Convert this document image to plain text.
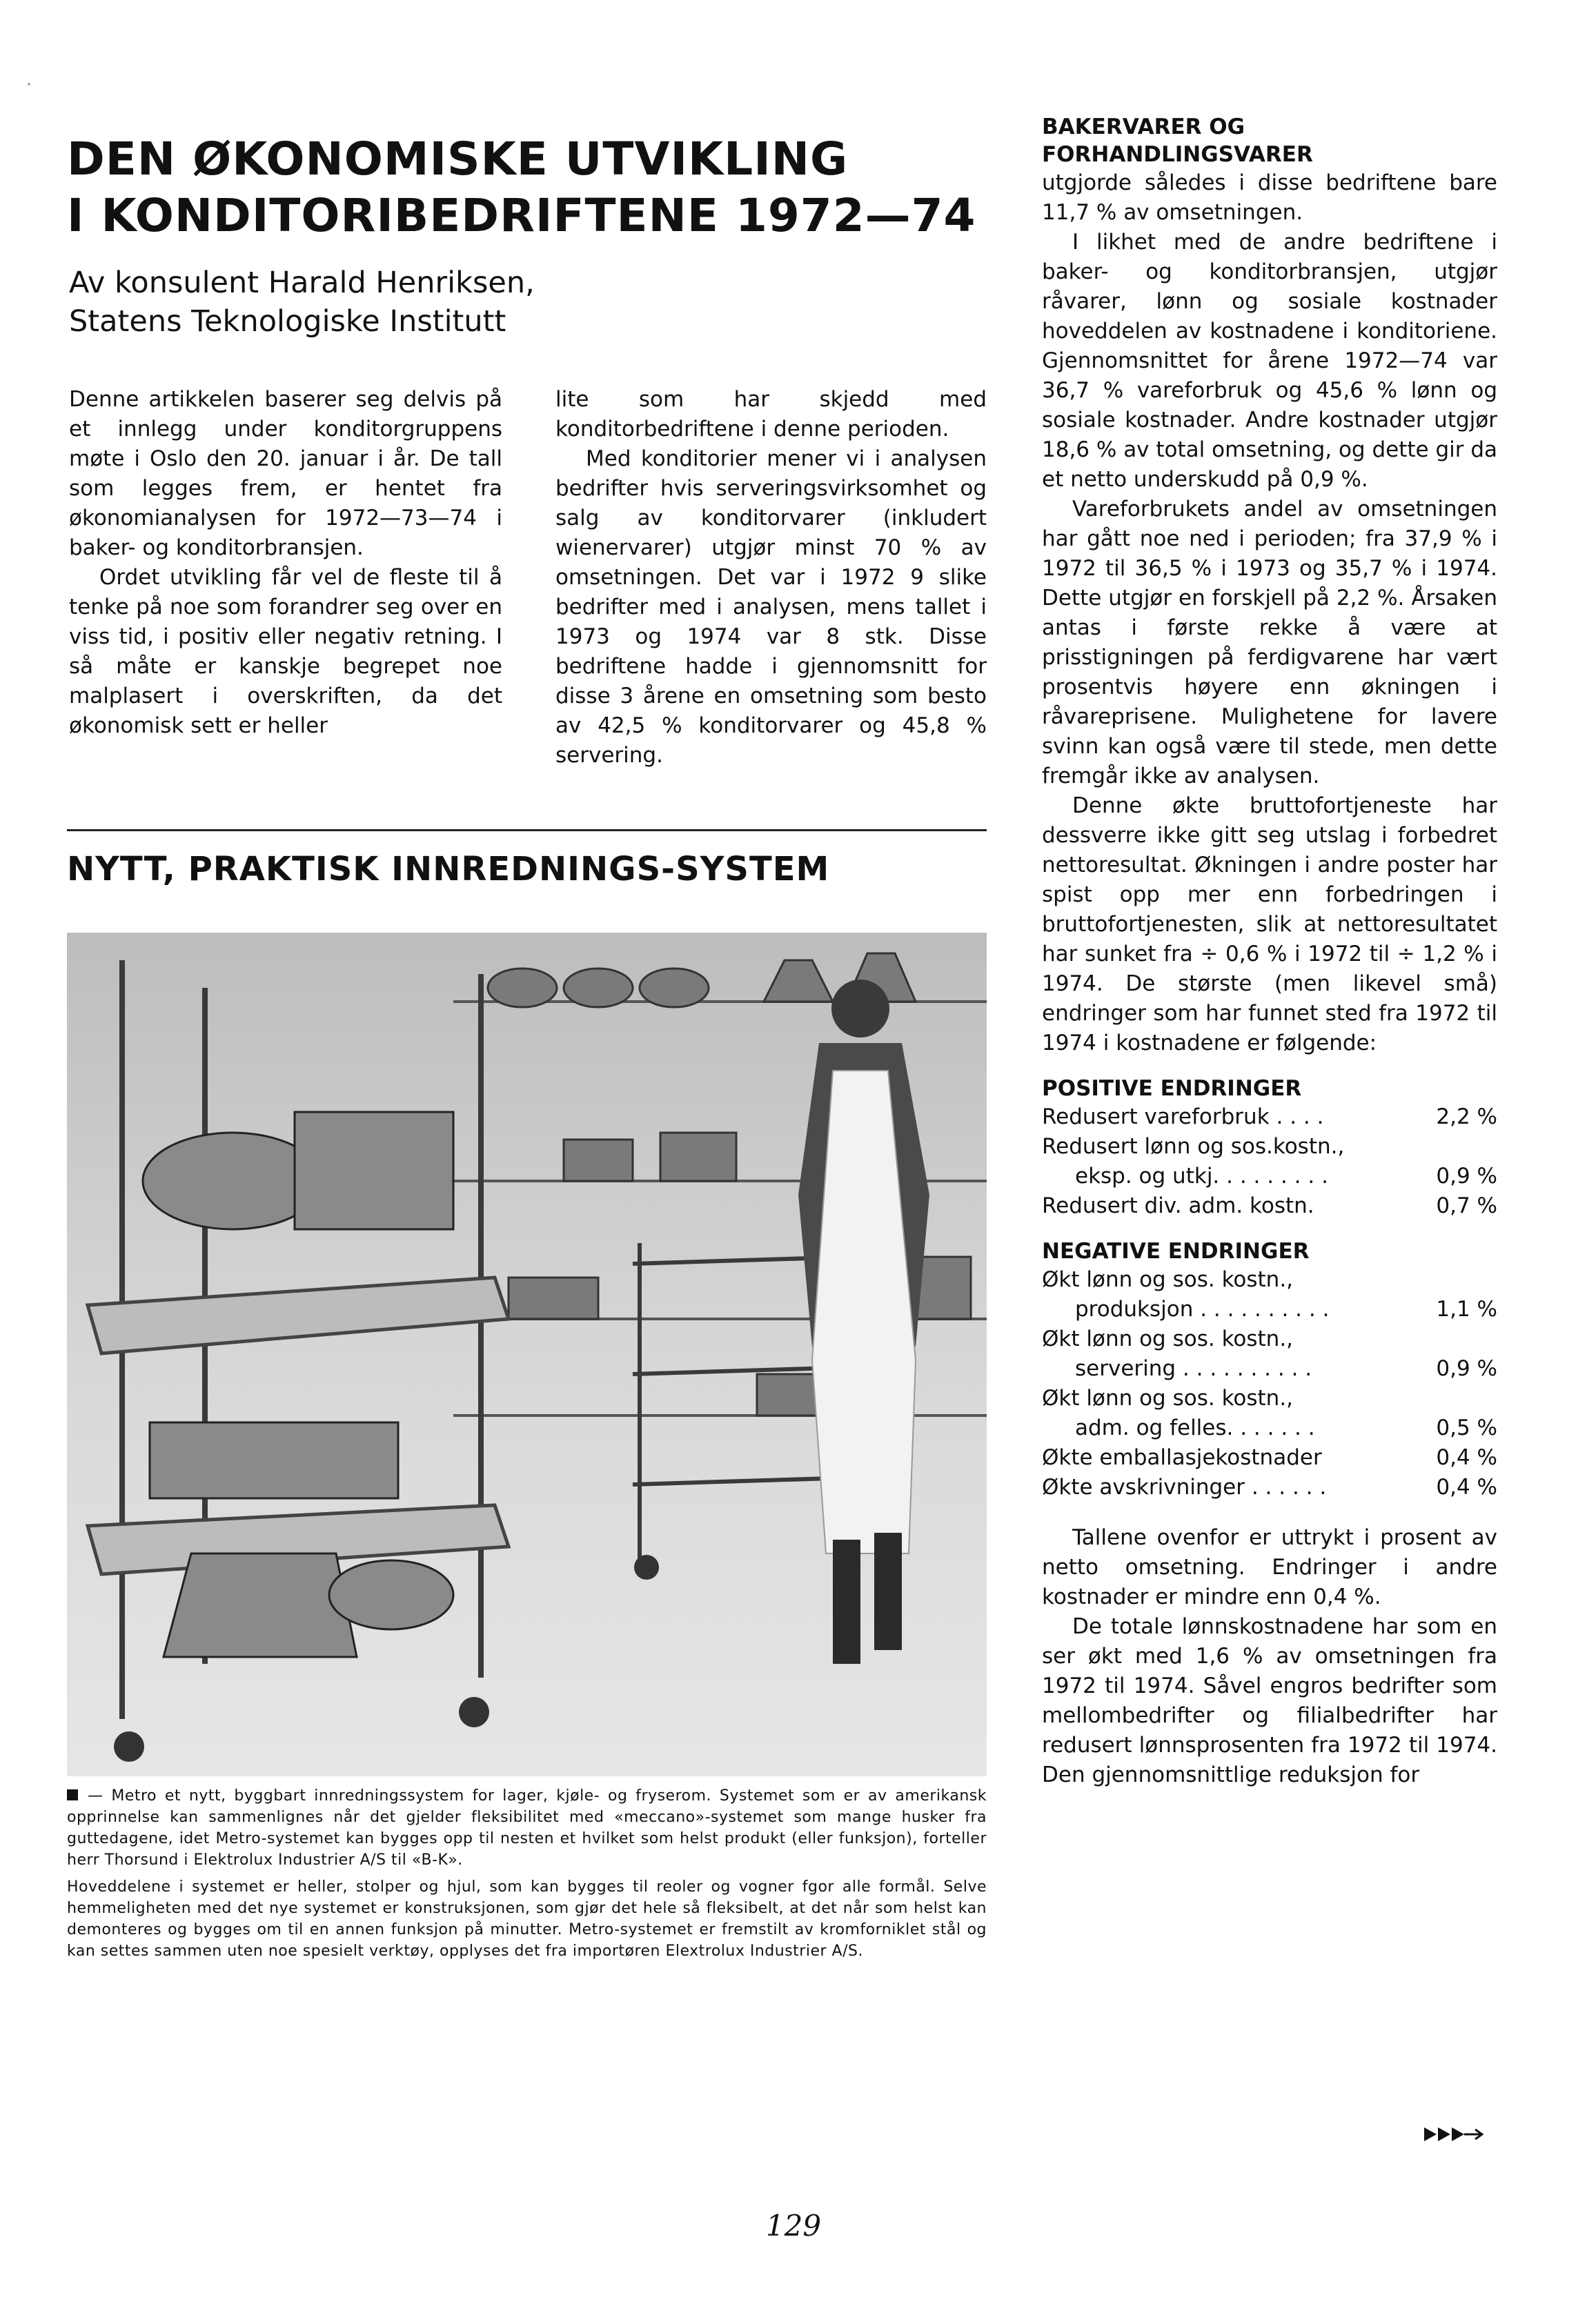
DEN ØKONOMISKE UTVIKLING
I KONDITORIBEDRIFTENE 1972—74
Av konsulent Harald Henriksen,
Statens Teknologiske Institutt

Denne artikkelen baserer seg delvis på et innlegg under konditorgruppens møte i Oslo den 20. januar i år. De tall som legges frem, er hentet fra økonomianalysen for 1972—73—74 i baker- og konditorbransjen.

Ordet utvikling får vel de fleste til å tenke på noe som forandrer seg over en viss tid, i positiv eller negativ retning. I så måte er kanskje begrepet noe malplasert i overskriften, da det økonomisk sett er heller

lite som har skjedd med konditorbedriftene i denne perioden.

Med konditorier mener vi i analysen bedrifter hvis serveringsvirksomhet og salg av konditorvarer (inkludert wienervarer) utgjør minst 70 % av omsetningen. Det var i 1972 9 slike bedrifter med i analysen, mens tallet i 1973 og 1974 var 8 stk. Disse bedriftene hadde i gjennomsnitt for disse 3 årene en omsetning som besto av 42,5 % konditorvarer og 45,8 % servering.

NYTT, PRAKTISK INNREDNINGS-SYSTEM

— Metro et nytt, byggbart innredningssystem for lager, kjøle- og fryserom. Systemet som er av amerikansk opprinnelse kan sammenlignes når det gjelder fleksibilitet med «meccano»-systemet som mange husker fra guttedagene, idet Metro-systemet kan bygges opp til nesten et hvilket som helst produkt (eller funksjon), forteller herr Thorsund i Elektrolux Industrier A/S til «B-K».

Hoveddelene i systemet er heller, stolper og hjul, som kan bygges til reoler og vogner fgor alle formål. Selve hemmeligheten med det nye systemet er konstruksjonen, som gjør det hele så fleksibelt, at det når som helst kan demonteres og bygges om til en annen funksjon på minutter. Metro-systemet er fremstilt av kromforniklet stål og kan settes sammen uten noe spesielt verktøy, opplyses det fra importøren Elextrolux Industrier A/S.

BAKERVARER OG
FORHANDLINGSVARER

utgjorde således i disse bedriftene bare 11,7 % av omsetningen.

I likhet med de andre bedriftene i baker- og konditorbransjen, utgjør råvarer, lønn og sosiale kostnader hoveddelen av kostnadene i konditoriene. Gjennomsnittet for årene 1972—74 var 36,7 % vareforbruk og 45,6 % lønn og sosiale kostnader. Andre kostnader utgjør 18,6 % av total omsetning, og dette gir da et netto underskudd på 0,9 %.

Vareforbrukets andel av omsetningen har gått noe ned i perioden; fra 37,9 % i 1972 til 36,5 % i 1973 og 35,7 % i 1974. Dette utgjør en forskjell på 2,2 %. Årsaken antas i første rekke å være at prisstigningen på ferdigvarene har vært prosentvis høyere enn økningen i råvareprisene. Mulighetene for lavere svinn kan også være til stede, men dette fremgår ikke av analysen.

Denne økte bruttofortjeneste har dessverre ikke gitt seg utslag i forbedret nettoresultat. Økningen i andre poster har spist opp mer enn forbedringen i bruttofortjenesten, slik at nettoresultatet har sunket fra ÷ 0,6 % i 1972 til ÷ 1,2 % i 1974. De største (men likevel små) endringer som har funnet sted fra 1972 til 1974 i kostnadene er følgende:

POSITIVE ENDRINGER
Redusert vareforbruk . . . .	2,2 %
Redusert lønn og sos.kostn.,	
eksp. og utkj. . . . . . . . .	0,9 %
Redusert div. adm. kostn.	0,7 %
NEGATIVE ENDRINGER
Økt lønn og sos. kostn.,	
produksjon . . . . . . . . . .	1,1 %
Økt lønn og sos. kostn.,	
servering . . . . . . . . . .	0,9 %
Økt lønn og sos. kostn.,	
adm. og felles. . . . . . .	0,5 %
Økte emballasjekostnader	0,4 %
Økte avskrivninger . . . . . .	0,4 %

Tallene ovenfor er uttrykt i prosent av netto omsetning. Endringer i andre kostnader er mindre enn 0,4 %.

De totale lønnskostnadene har som en ser økt med 1,6 % av omsetningen fra 1972 til 1974. Såvel engros bedrifter som mellombedrifter og filialbedrifter har redusert lønnsprosenten fra 1972 til 1974. Den gjennomsnittlige reduksjon for

129
